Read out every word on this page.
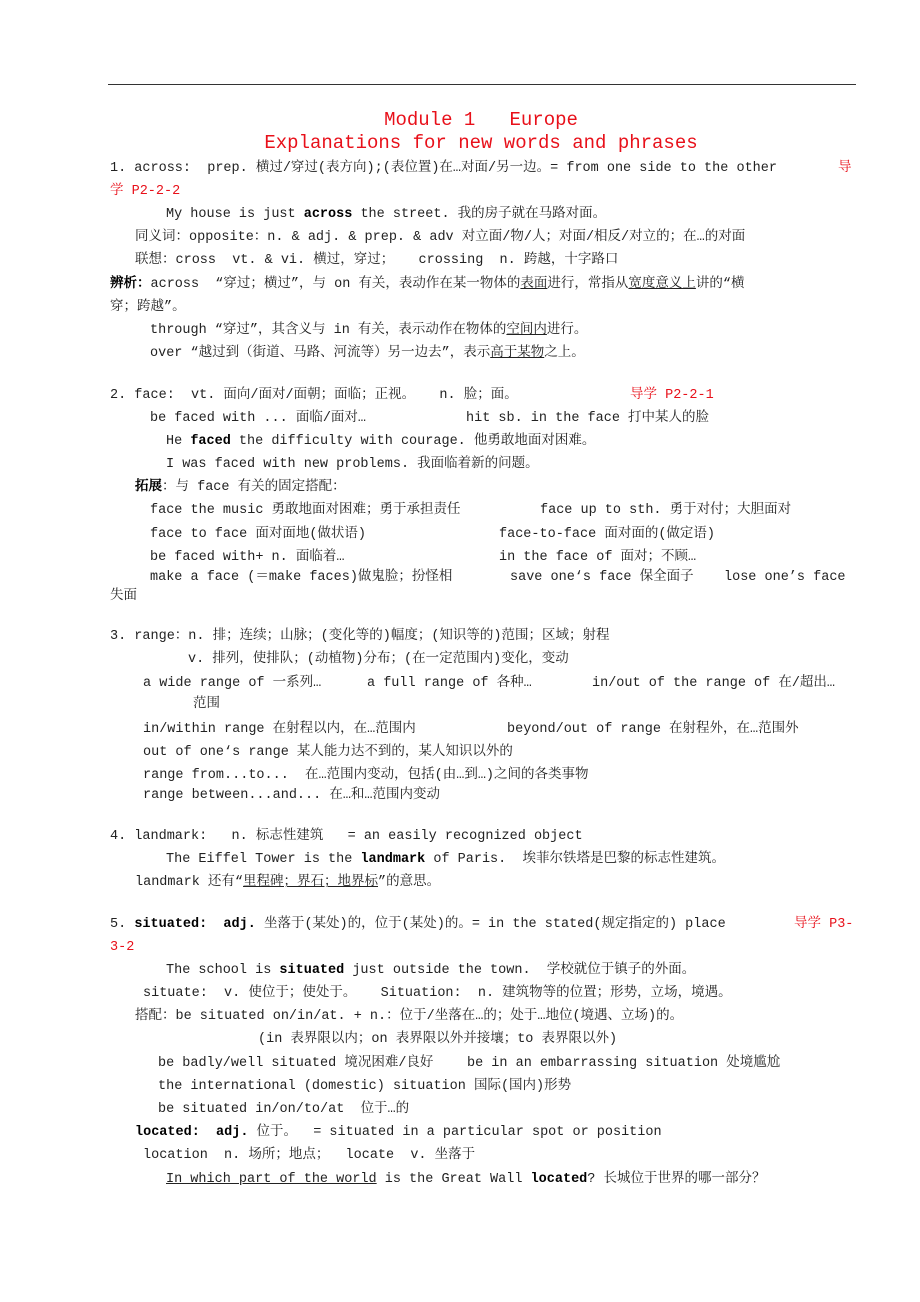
Module 1   Europe
Explanations for new words and phrases
1. across:  prep. 横过/穿过(表方向);(表位置)在…对面/另一边。= from one side to the other	导
学 P2-2-2
My house is just across the street. 我的房子就在马路对面。
同义词：opposite：n. & adj. & prep. & adv 对立面/物/人；对面/相反/对立的；在…的对面
联想：cross  vt. & vi. 横过，穿过；   crossing  n. 跨越，十字路口
辨析：across  “穿过；横过”，与 on 有关，表动作在某一物体的表面进行，常指从宽度意义上讲的“横
穿；跨越”。
through “穿过”，其含义与 in 有关，表示动作在物体的空间内进行。
over “越过到（街道、马路、河流等）另一边去”，表示高于某物之上。
2. face:  vt. 面向/面对/面朝；面临；正视。   n. 脸；面。	导学 P2-2-1
be faced with ... 面临/面对…	hit sb. in the face 打中某人的脸
He faced the difficulty with courage. 他勇敢地面对困难。
I was faced with new problems. 我面临着新的问题。
拓展：与 face 有关的固定搭配：
face the music 勇敢地面对困难；勇于承担责任	face up to sth. 勇于对付；大胆面对
face to face 面对面地(做状语)	face-to-face 面对面的(做定语)
be faced with+ n. 面临着…	in the face of 面对；不顾…
make a face (＝make faces)做鬼脸；扮怪相	save one‘s face 保全面子 lose one’s face
失面
3. range：n. 排；连续；山脉；(变化等的)幅度；(知识等的)范围；区域；射程
v. 排列，使排队；(动植物)分布；(在一定范围内)变化，变动
a wide range of 一系列…	a full range of 各种…	in/out of the range of 在/超出…
范围
in/within range 在射程以内，在…范围内	beyond/out of range 在射程外，在…范围外
out of one‘s range 某人能力达不到的，某人知识以外的
range from...to...  在…范围内变动，包括(由…到…)之间的各类事物
range between...and... 在…和…范围内变动
4. landmark:   n. 标志性建筑   = an easily recognized object
The Eiffel Tower is the landmark of Paris.  埃菲尔铁塔是巴黎的标志性建筑。
landmark 还有“里程碑；界石；地界标”的意思。
5. situated:  adj. 坐落于(某处)的，位于(某处)的。= in the stated(规定指定的) place	导学 P3-
3-2
The school is situated just outside the town.  学校就位于镇子的外面。
situate:  v. 使位于；使处于。   Situation:  n. 建筑物等的位置；形势，立场，境遇。
搭配：be situated on/in/at. + n.：位于/坐落在…的；处于…地位(境遇、立场)的。
(in 表界限以内；on 表界限以外并接壤；to 表界限以外)
be badly/well situated 境况困难/良好 be in an embarrassing situation 处境尴尬
the international (domestic) situation 国际(国内)形势
be situated in/on/to/at  位于…的
located:  adj. 位于。  = situated in a particular spot or position
location  n. 场所；地点；  locate  v. 坐落于
In which part of the world is the Great Wall located? 长城位于世界的哪一部分？
